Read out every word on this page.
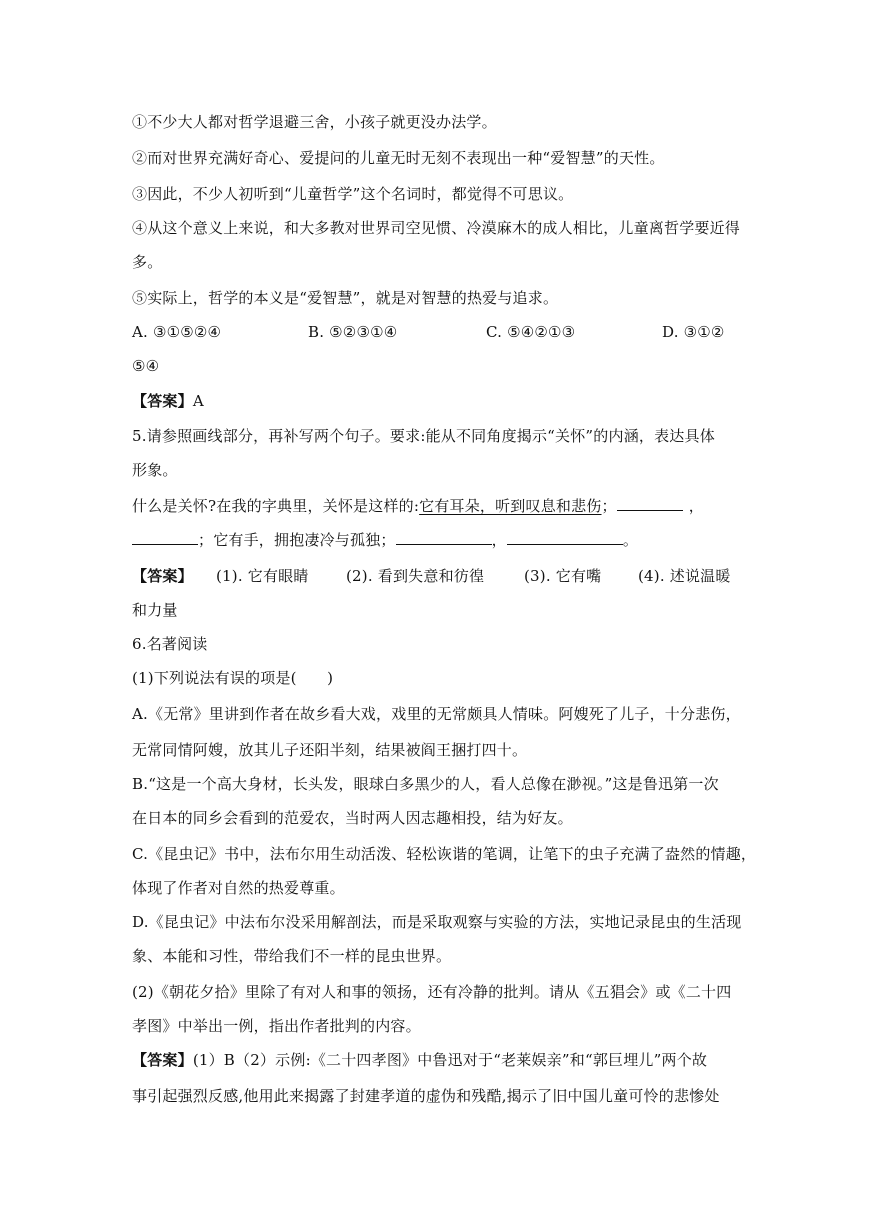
①不少大人都对哲学退避三舍，小孩子就更没办法学。
②而对世界充满好奇心、爱提问的儿童无时无刻不表现出一种“爱智慧”的天性。
③因此，不少人初听到“儿童哲学”这个名词时，都觉得不可思议。
④从这个意义上来说，和大多教对世界司空见惯、冷漠麻木的成人相比，儿童离哲学要近得
多。
⑤实际上，哲学的本义是“爱智慧”，就是对智慧的热爱与追求。
A. ③①⑤②④	B. ⑤②③①④	C. ⑤④②①③	D. ③①②
⑤④
【答案】A
5.请参照画线部分，再补写两个句子。要求:能从不同角度揭示“关怀”的内涵，表达具体
形象。
什么是关怀?在我的字典里，关怀是这样的:它有耳朵，听到叹息和悲伤；	，
；它有手，拥抱凄冷与孤独；	，	。
【答案】 (1). 它有眼睛 (2). 看到失意和彷徨	(3). 它有嘴 (4). 述说温暖
和力量
6.名著阅读
(1)下列说法有误的项是(　　)
A.《无常》里讲到作者在故乡看大戏，戏里的无常颇具人情味。阿嫂死了儿子，十分悲伤，
无常同情阿嫂，放其儿子还阳半刻，结果被阎王捆打四十。
B.“这是一个高大身材，长头发，眼球白多黑少的人，看人总像在渺视。”这是鲁迅第一次
在日本的同乡会看到的范爱农，当时两人因志趣相投，结为好友。
C.《昆虫记》书中，法布尔用生动活泼、轻松诙谐的笔调，让笔下的虫子充满了盎然的情趣，
体现了作者对自然的热爱尊重。
D.《昆虫记》中法布尔没采用解剖法，而是采取观察与实验的方法，实地记录昆虫的生活现
象、本能和习性，带给我们不一样的昆虫世界。
(2)《朝花夕拾》里除了有对人和事的领扬，还有冷静的批判。请从《五猖会》或《二十四
孝图》中举出一例，指出作者批判的内容。
【答案】(1）B（2）示例:《二十四孝图》中鲁迅对于“老莱娱亲”和“郭巨埋儿”两个故
事引起强烈反感,他用此来揭露了封建孝道的虚伪和残酷,揭示了旧中国儿童可怜的悲惨处
